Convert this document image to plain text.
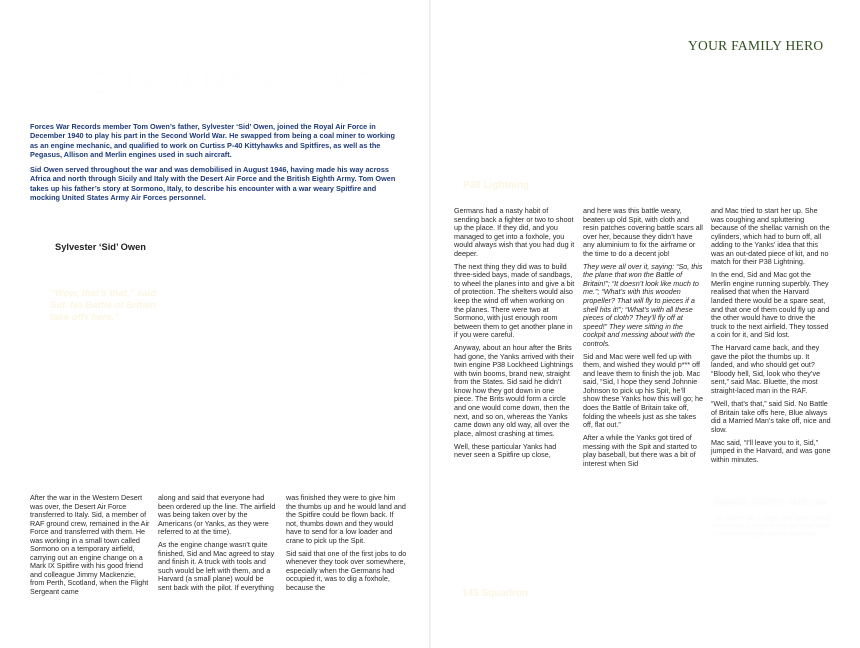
YOUR FAMILY HERO
YOUR FAMILY HERO

Forces War Records member Tom Owen’s father, Sylvester ‘Sid’ Owen, joined the Royal Air Force in December 1940 to play his part in the Second World War. He swapped from being a coal miner to working as an engine mechanic, and qualified to work on Curtiss P-40 Kittyhawks and Spitfires, as well as the Pegasus, Allison and Merlin engines used in such aircraft.

Sid Owen served throughout the war and was demobilised in August 1946, having made his way across Africa and north through Sicily and Italy with the Desert Air Force and the British Eighth Army. Tom Owen takes up his father’s story at Sormono, Italy, to describe his encounter with a war weary Spitfire and mocking United States Army Air Forces personnel.

Sylvester ‘Sid’ Owen
“Wow, that’s that,” said Sid. No Battle of Britain take offs here.”

After the war in the Western Desert was over, the Desert Air Force transferred to Italy. Sid, a member of RAF ground crew, remained in the Air Force and transferred with them. He was working in a small town called Sormono on a temporary airfield, carrying out an engine change on a Mark IX Spitfire with his good friend and colleague Jimmy Mackenzie, from Perth, Scotland, when the Flight Sergeant came

along and said that everyone had been ordered up the line. The airfield was being taken over by the Americans (or Yanks, as they were referred to at the time).

As the engine change wasn’t quite finished, Sid and Mac agreed to stay and finish it. A truck with tools and such would be left with them, and a Harvard (a small plane) would be sent back with the pilot. If everything

was finished they were to give him the thumbs up and he would land and the Spitfire could be flown back. If not, thumbs down and they would have to send for a low loader and crane to pick up the Spit.

Sid said that one of the first jobs to do whenever they took over somewhere, especially when the Germans had occupied it, was to dig a foxhole, because the

P38 Lightning

Germans had a nasty habit of sending back a fighter or two to shoot up the place. If they did, and you managed to get into a foxhole, you would always wish that you had dug it deeper.

The next thing they did was to build three-sided bays, made of sandbags, to wheel the planes into and give a bit of protection. The shelters would also keep the wind off when working on the planes. There were two at Sormono, with just enough room between them to get another plane in if you were careful.

Anyway, about an hour after the Brits had gone, the Yanks arrived with their twin engine P38 Lockheed Lightnings with twin booms, brand new, straight from the States. Sid said he didn’t know how they got down in one piece. The Brits would form a circle and one would come down, then the next, and so on, whereas the Yanks came down any old way, all over the place, almost crashing at times.

Well, these particular Yanks had never seen a Spitfire up close,

and here was this battle weary, beaten up old Spit, with cloth and resin patches covering battle scars all over her, because they didn’t have any aluminium to fix the airframe or the time to do a decent job!

They were all over it, saying: “So, this the plane that won the Battle of Britain!”; “It doesn’t look like much to me.”; “What’s with this wooden propeller? That will fly to pieces if a shell hits it!”; “What’s with all these pieces of cloth? They’ll fly off at speed!” They were sitting in the cockpit and messing about with the controls.

Sid and Mac were well fed up with them, and wished they would p*** off and leave them to finish the job. Mac said, “Sid, I hope they send Johnnie Johnson to pick up his Spit, he’ll show these Yanks how this will go; he does the Battle of Britain take off, folding the wheels just as she takes off, flat out.”

After a while the Yanks got tired of messing with the Spit and started to play baseball, but there was a bit of interest when Sid

and Mac tried to start her up. She was coughing and spluttering because of the shellac varnish on the cylinders, which had to burn off, all adding to the Yanks’ idea that this was an out-dated piece of kit, and no match for their P38 Lightning.

In the end, Sid and Mac got the Merlin engine running superbly. They realised that when the Harvard landed there would be a spare seat, and that one of them could fly up and the other would have to drive the truck to the next airfield. They tossed a coin for it, and Sid lost.

The Harvard came back, and they gave the pilot the thumbs up. It landed, and who should get out? “Bloody hell, Sid, look who they’ve sent,” said Mac. Bluette, the most straight-laced man in the RAF.

“Well, that’s that,” said Sid. No Battle of Britain take offs here, Blue always did a Married Man’s take off, nice and slow.

Mac said, “I’ll leave you to it, Sid,” jumped in the Harvard, and was gone within minutes.

145 Squadron
Special Spitfire features
The Spitfire was a single-seat fighter aircraft used by the Royal Air Force and other Allied countries during the Second World War.
